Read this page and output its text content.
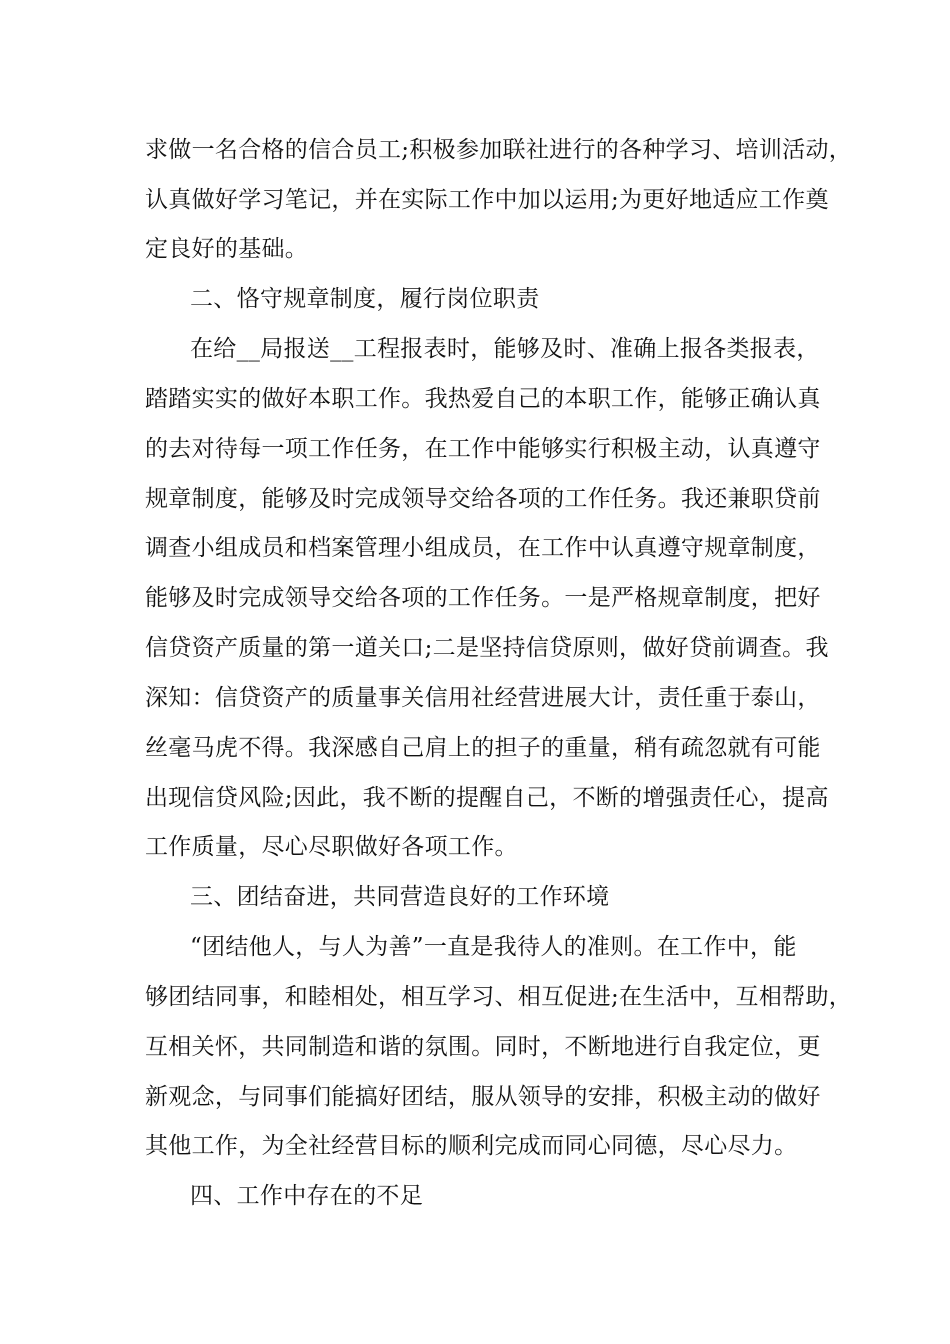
求做一名合格的信合员工;积极参加联社进行的各种学习、培训活动，

认真做好学习笔记，并在实际工作中加以运用;为更好地适应工作奠

定良好的基础。

二、恪守规章制度，履行岗位职责

在给__局报送__工程报表时，能够及时、准确上报各类报表，

踏踏实实的做好本职工作。我热爱自己的本职工作，能够正确认真

的去对待每一项工作任务，在工作中能够实行积极主动，认真遵守

规章制度，能够及时完成领导交给各项的工作任务。我还兼职贷前

调查小组成员和档案管理小组成员，在工作中认真遵守规章制度，

能够及时完成领导交给各项的工作任务。一是严格规章制度，把好

信贷资产质量的第一道关口;二是坚持信贷原则，做好贷前调查。我

深知：信贷资产的质量事关信用社经营进展大计，责任重于泰山，

丝毫马虎不得。我深感自己肩上的担子的重量，稍有疏忽就有可能

出现信贷风险;因此，我不断的提醒自己，不断的增强责任心，提高

工作质量，尽心尽职做好各项工作。

三、团结奋进，共同营造良好的工作环境

“团结他人，与人为善”一直是我待人的准则。在工作中，能

够团结同事，和睦相处，相互学习、相互促进;在生活中，互相帮助，

互相关怀，共同制造和谐的氛围。同时，不断地进行自我定位，更

新观念，与同事们能搞好团结，服从领导的安排，积极主动的做好

其他工作，为全社经营目标的顺利完成而同心同德，尽心尽力。

四、工作中存在的不足
